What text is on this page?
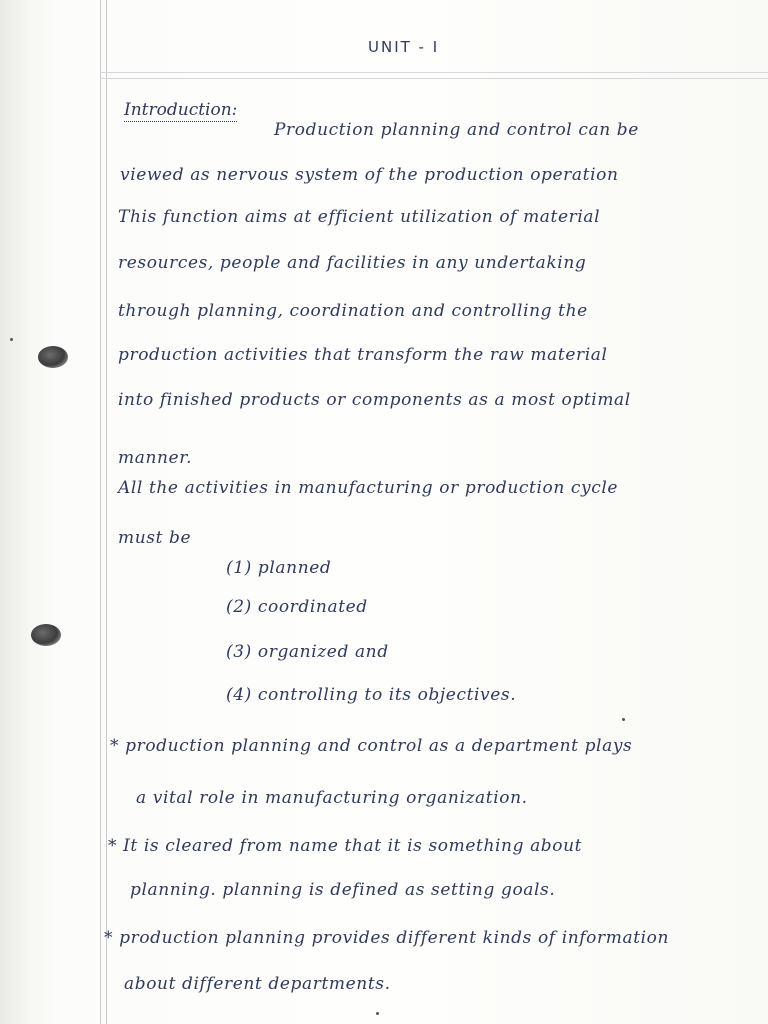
UNIT - I
Introduction:
Production planning and control can be
viewed as nervous system of the production operation
This function aims at efficient utilization of material
resources, people and facilities in any undertaking
through planning, coordination and controlling the
production activities that transform the raw material
into finished products or components as a most optimal
manner.
All the activities in manufacturing or production cycle
must be
(1) planned
(2) coordinated
(3) organized and
(4) controlling to its objectives.
* production planning and control as a department plays
a vital role in manufacturing organization.
* It is cleared from name that it is something about
planning. planning is defined as setting goals.
* production planning provides different kinds of information
about different departments.
